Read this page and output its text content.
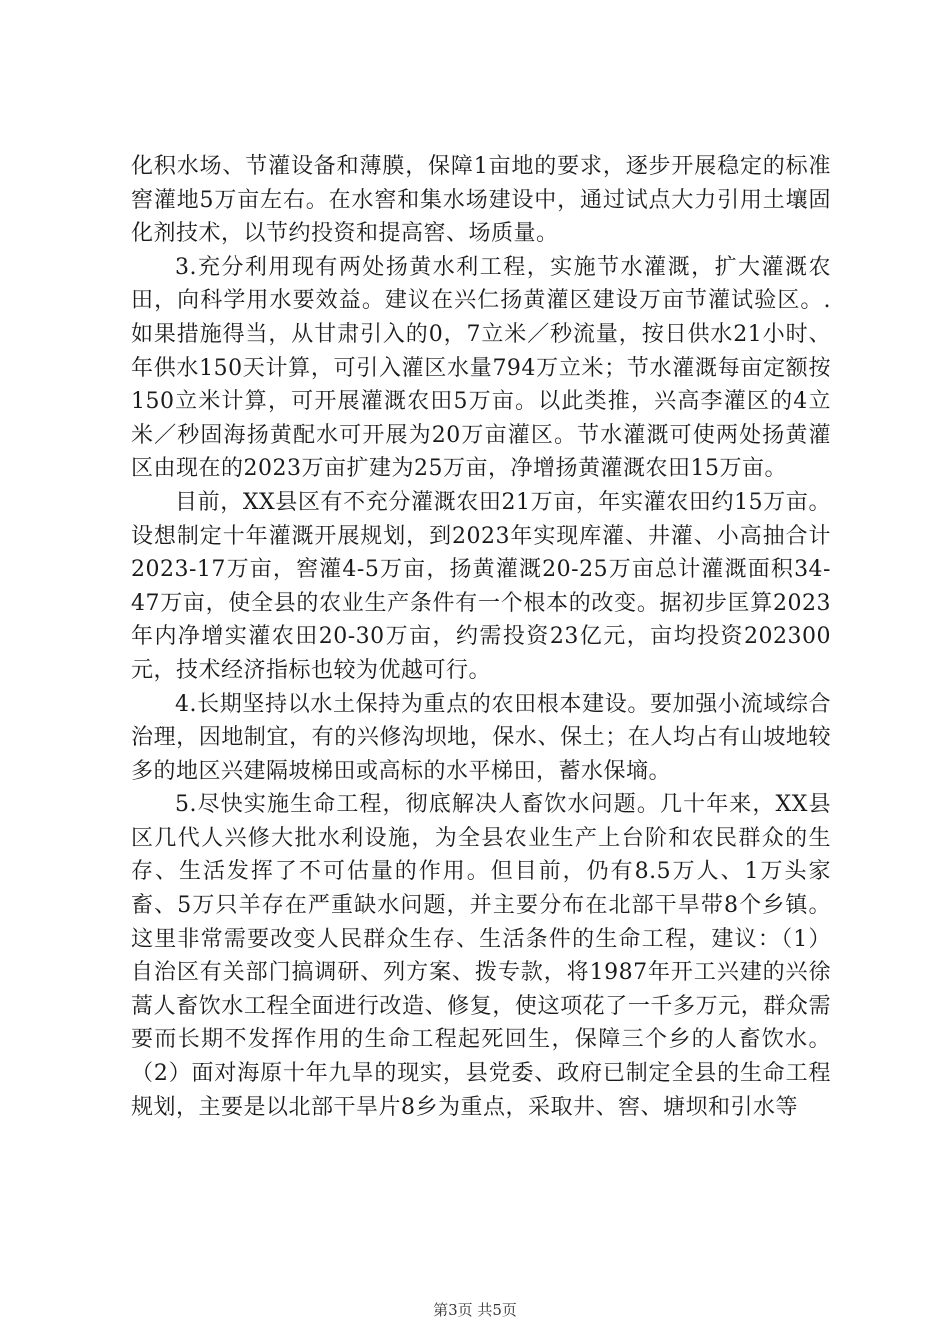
化积水场、节灌设备和薄膜，保障1亩地的要求，逐步开展稳定的标准窖灌地5万亩左右。在水窖和集水场建设中，通过试点大力引用土壤固化剂技术，以节约投资和提高窖、场质量。

3.充分利用现有两处扬黄水利工程，实施节水灌溉，扩大灌溉农田，向科学用水要效益。建议在兴仁扬黄灌区建设万亩节灌试验区。.如果措施得当，从甘肃引入的0，7立米／秒流量，按日供水21小时、年供水150天计算，可引入灌区水量794万立米；节水灌溉每亩定额按150立米计算，可开展灌溉农田5万亩。以此类推，兴高李灌区的4立米／秒固海扬黄配水可开展为20万亩灌区。节水灌溉可使两处扬黄灌区由现在的2023万亩扩建为25万亩，净增扬黄灌溉农田15万亩。

目前，XX县区有不充分灌溉农田21万亩，年实灌农田约15万亩。设想制定十年灌溉开展规划，到2023年实现库灌、井灌、小高抽合计2023-17万亩，窖灌4-5万亩，扬黄灌溉20-25万亩总计灌溉面积34-47万亩，使全县的农业生产条件有一个根本的改变。据初步匡算2023年内净增实灌农田20-30万亩，约需投资23亿元，亩均投资202300元，技术经济指标也较为优越可行。

4.长期坚持以水土保持为重点的农田根本建设。要加强小流域综合治理，因地制宜，有的兴修沟坝地，保水、保土；在人均占有山坡地较多的地区兴建隔坡梯田或高标的水平梯田，蓄水保墒。

5.尽快实施生命工程，彻底解决人畜饮水问题。几十年来，XX县区几代人兴修大批水利设施，为全县农业生产上台阶和农民群众的生存、生活发挥了不可估量的作用。但目前，仍有8.5万人、1万头家畜、5万只羊存在严重缺水问题，并主要分布在北部干旱带8个乡镇。这里非常需要改变人民群众生存、生活条件的生命工程，建议：（1）自治区有关部门搞调研、列方案、拨专款，将1987年开工兴建的兴徐蒿人畜饮水工程全面进行改造、修复，使这项花了一千多万元，群众需要而长期不发挥作用的生命工程起死回生，保障三个乡的人畜饮水。（2）面对海原十年九旱的现实，县党委、政府已制定全县的生命工程规划，主要是以北部干旱片8乡为重点，采取井、窖、塘坝和引水等

第3页 共5页
